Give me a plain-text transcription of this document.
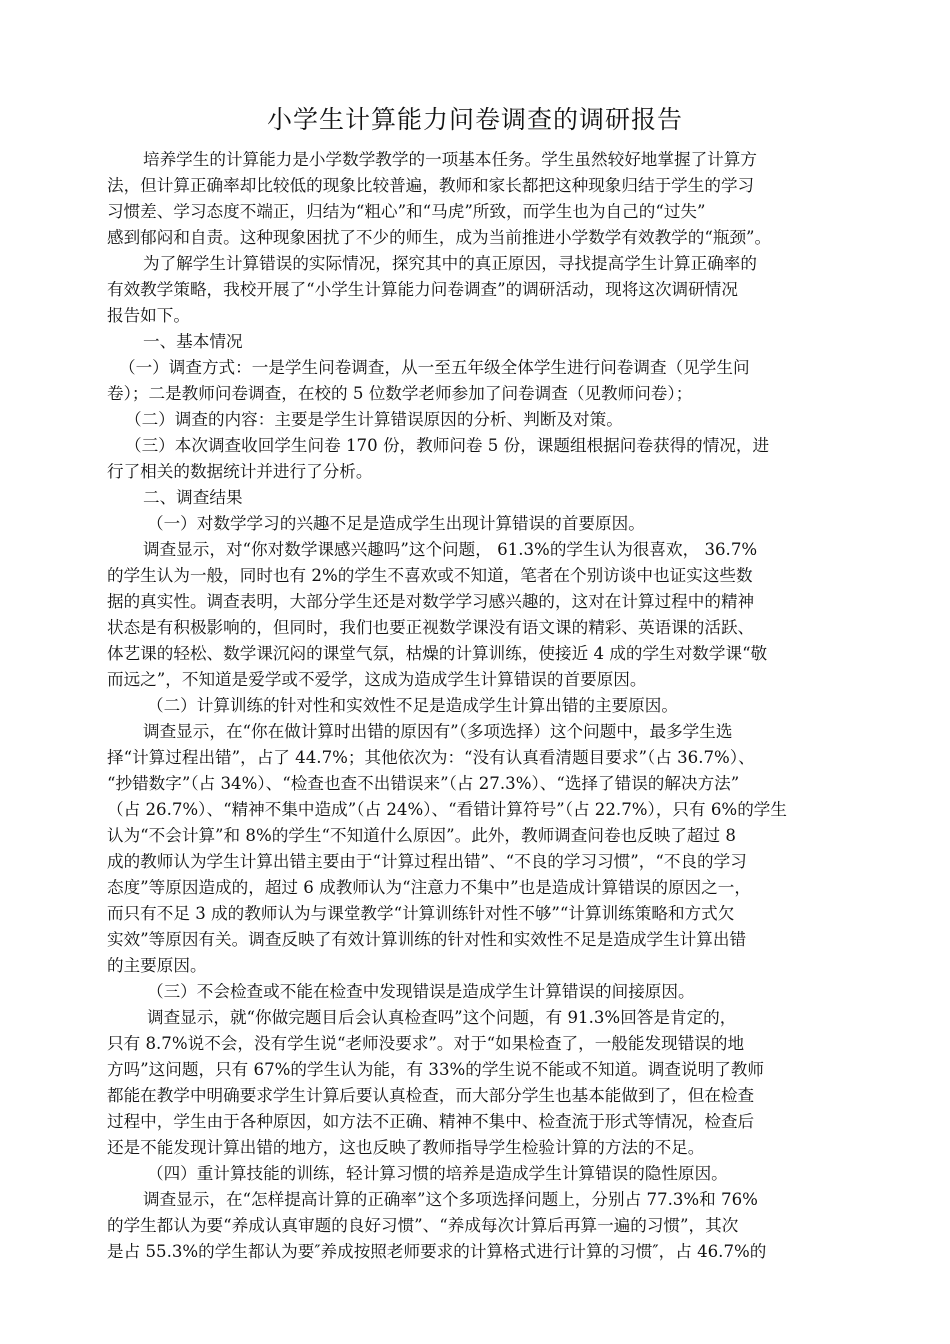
小学生计算能力问卷调查的调研报告
培养学生的计算能力是小学数学教学的一项基本任务。学生虽然较好地掌握了计算方
法，但计算正确率却比较低的现象比较普遍，教师和家长都把这种现象归结于学生的学习
习惯差、学习态度不端正，归结为“粗心”和“马虎”所致，而学生也为自己的“过失”
感到郁闷和自责。这种现象困扰了不少的师生，成为当前推进小学数学有效教学的“瓶颈”。
为了解学生计算错误的实际情况，探究其中的真正原因，寻找提高学生计算正确率的
有效教学策略，我校开展了“小学生计算能力问卷调查”的调研活动，现将这次调研情况
报告如下。
一、基本情况
（一）调查方式：一是学生问卷调查，从一至五年级全体学生进行问卷调查（见学生问
卷）；二是教师问卷调查，在校的 5 位数学老师参加了问卷调查（见教师问卷）；
（二）调查的内容：主要是学生计算错误原因的分析、判断及对策。
（三）本次调查收回学生问卷 170 份，教师问卷 5 份，课题组根据问卷获得的情况，进
行了相关的数据统计并进行了分析。
二、调查结果
（一）对数学学习的兴趣不足是造成学生出现计算错误的首要原因。
调查显示，对“你对数学课感兴趣吗”这个问题， 61.3%的学生认为很喜欢， 36.7%
的学生认为一般，同时也有 2%的学生不喜欢或不知道，笔者在个别访谈中也证实这些数
据的真实性。调查表明，大部分学生还是对数学学习感兴趣的，这对在计算过程中的精神
状态是有积极影响的，但同时，我们也要正视数学课没有语文课的精彩、英语课的活跃、
体艺课的轻松、数学课沉闷的课堂气氛，枯燥的计算训练，使接近 4 成的学生对数学课“敬
而远之”，不知道是爱学或不爱学，这成为造成学生计算错误的首要原因。
（二）计算训练的针对性和实效性不足是造成学生计算出错的主要原因。
调查显示，在“你在做计算时出错的原因有”（多项选择）这个问题中，最多学生选
择“计算过程出错”，占了 44.7%；其他依次为：“没有认真看清题目要求”（占 36.7%）、
“抄错数字”（占 34%）、“检查也查不出错误来”（占 27.3%）、“选择了错误的解决方法”
（占 26.7%）、“精神不集中造成”（占 24%）、“看错计算符号”（占 22.7%），只有 6%的学生
认为“不会计算”和 8%的学生“不知道什么原因”。此外，教师调查问卷也反映了超过 8
成的教师认为学生计算出错主要由于“计算过程出错”、“不良的学习习惯”，“不良的学习
态度”等原因造成的，超过 6 成教师认为“注意力不集中”也是造成计算错误的原因之一，
而只有不足 3 成的教师认为与课堂教学“计算训练针对性不够”“计算训练策略和方式欠
实效”等原因有关。调查反映了有效计算训练的针对性和实效性不足是造成学生计算出错
的主要原因。
（三）不会检查或不能在检查中发现错误是造成学生计算错误的间接原因。
调查显示，就“你做完题目后会认真检查吗”这个问题，有 91.3%回答是肯定的，
只有 8.7%说不会，没有学生说“老师没要求”。对于“如果检查了，一般能发现错误的地
方吗”这问题，只有 67%的学生认为能，有 33%的学生说不能或不知道。调查说明了教师
都能在教学中明确要求学生计算后要认真检查，而大部分学生也基本能做到了，但在检查
过程中，学生由于各种原因，如方法不正确、精神不集中、检查流于形式等情况，检查后
还是不能发现计算出错的地方，这也反映了教师指导学生检验计算的方法的不足。
（四）重计算技能的训练，轻计算习惯的培养是造成学生计算错误的隐性原因。
调查显示，在“怎样提高计算的正确率”这个多项选择问题上，分别占 77.3%和 76%
的学生都认为要“养成认真审题的良好习惯”、“养成每次计算后再算一遍的习惯”，其次
是占 55.3%的学生都认为要″养成按照老师要求的计算格式进行计算的习惯″，占 46.7%的
